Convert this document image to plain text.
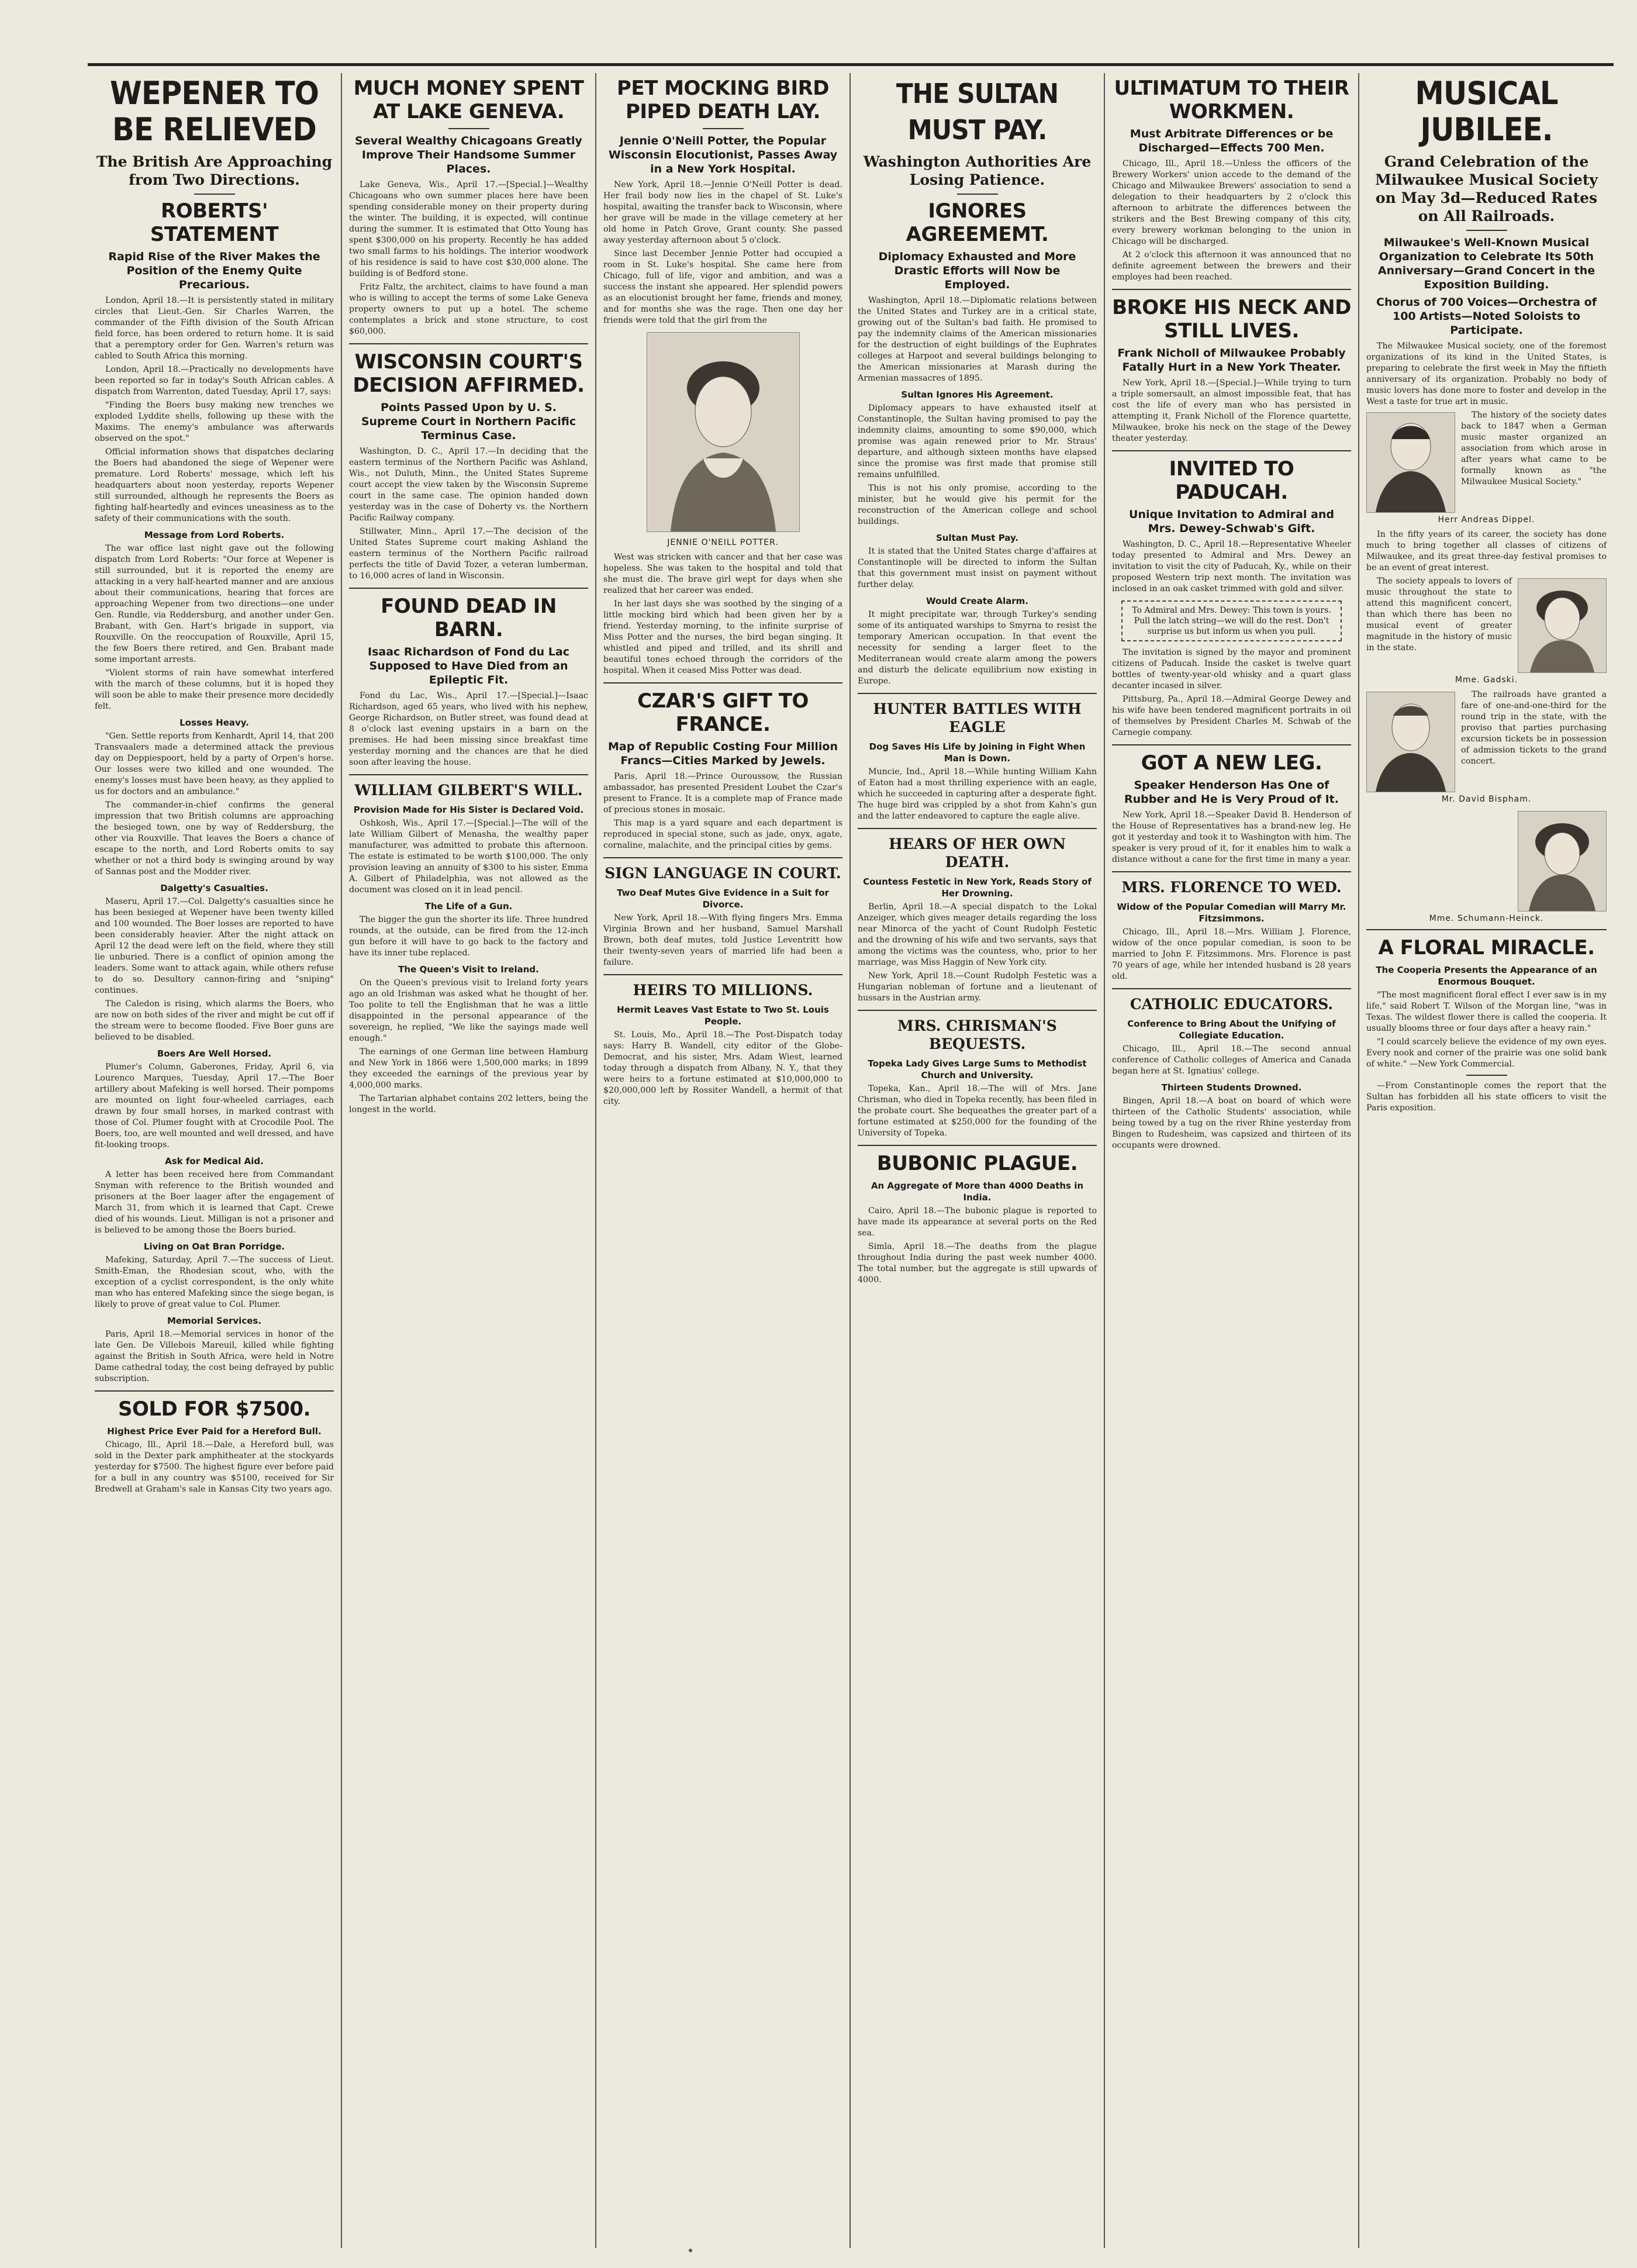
WEPENER TO BE RELIEVED
The British Are Approaching from Two Directions.
ROBERTS' STATEMENT
Rapid Rise of the River Makes the Position of the Enemy Quite Precarious.

London, April 18.—It is persistently stated in military circles that Lieut.-Gen. Sir Charles Warren, the commander of the Fifth division of the South African field force, has been ordered to return home. It is said that a peremptory order for Gen. Warren's return was cabled to South Africa this morning.

London, April 18.—Practically no developments have been reported so far in today's South African cables. A dispatch from Warrenton, dated Tuesday, April 17, says:

"Finding the Boers busy making new trenches we exploded Lyddite shells, following up these with the Maxims. The enemy's ambulance was afterwards observed on the spot."

Official information shows that dispatches declaring the Boers had abandoned the siege of Wepener were premature. Lord Roberts' message, which left his headquarters about noon yesterday, reports Wepener still surrounded, although he represents the Boers as fighting half-heartedly and evinces uneasiness as to the safety of their communications with the south.

Message from Lord Roberts.

The war office last night gave out the following dispatch from Lord Roberts: "Our force at Wepener is still surrounded, but it is reported the enemy are attacking in a very half-hearted manner and are anxious about their communications, hearing that forces are approaching Wepener from two directions—one under Gen. Rundle, via Reddersburg, and another under Gen. Brabant, with Gen. Hart's brigade in support, via Rouxville. On the reoccupation of Rouxville, April 15, the few Boers there retired, and Gen. Brabant made some important arrests.

"Violent storms of rain have somewhat interfered with the march of these columns, but it is hoped they will soon be able to make their presence more decidedly felt.

Losses Heavy.

"Gen. Settle reports from Kenhardt, April 14, that 200 Transvaalers made a determined attack the previous day on Deppiespoort, held by a party of Orpen's horse. Our losses were two killed and one wounded. The enemy's losses must have been heavy, as they applied to us for doctors and an ambulance."

The commander-in-chief confirms the general impression that two British columns are approaching the besieged town, one by way of Reddersburg, the other via Rouxville. That leaves the Boers a chance of escape to the north, and Lord Roberts omits to say whether or not a third body is swinging around by way of Sannas post and the Modder river.

Dalgetty's Casualties.

Maseru, April 17.—Col. Dalgetty's casualties since he has been besieged at Wepener have been twenty killed and 100 wounded. The Boer losses are reported to have been considerably heavier. After the night attack on April 12 the dead were left on the field, where they still lie unburied. There is a conflict of opinion among the leaders. Some want to attack again, while others refuse to do so. Desultory cannon-firing and "sniping" continues.

The Caledon is rising, which alarms the Boers, who are now on both sides of the river and might be cut off if the stream were to become flooded. Five Boer guns are believed to be disabled.

Boers Are Well Horsed.

Plumer's Column, Gaberones, Friday, April 6, via Lourenco Marques, Tuesday, April 17.—The Boer artillery about Mafeking is well horsed. Their pompoms are mounted on light four-wheeled carriages, each drawn by four small horses, in marked contrast with those of Col. Plumer fought with at Crocodile Pool. The Boers, too, are well mounted and well dressed, and have fit-looking troops.

Ask for Medical Aid.

A letter has been received here from Commandant Snyman with reference to the British wounded and prisoners at the Boer laager after the engagement of March 31, from which it is learned that Capt. Crewe died of his wounds. Lieut. Milligan is not a prisoner and is believed to be among those the Boers buried.

Living on Oat Bran Porridge.

Mafeking, Saturday, April 7.—The success of Lieut. Smith-Eman, the Rhodesian scout, who, with the exception of a cyclist correspondent, is the only white man who has entered Mafeking since the siege began, is likely to prove of great value to Col. Plumer.

Memorial Services.

Paris, April 18.—Memorial services in honor of the late Gen. De Villebois Mareuil, killed while fighting against the British in South Africa, were held in Notre Dame cathedral today, the cost being defrayed by public subscription.

SOLD FOR $7500.
Highest Price Ever Paid for a Hereford Bull.

Chicago, Ill., April 18.—Dale, a Hereford bull, was sold in the Dexter park amphitheater at the stockyards yesterday for $7500. The highest figure ever before paid for a bull in any country was $5100, received for Sir Bredwell at Graham's sale in Kansas City two years ago.

MUCH MONEY SPENT AT LAKE GENEVA.
Several Wealthy Chicagoans Greatly Improve Their Handsome Summer Places.

Lake Geneva, Wis., April 17.—[Special.]—Wealthy Chicagoans who own summer places here have been spending considerable money on their property during the winter. The building, it is expected, will continue during the summer. It is estimated that Otto Young has spent $300,000 on his property. Recently he has added two small farms to his holdings. The interior woodwork of his residence is said to have cost $30,000 alone. The building is of Bedford stone.

Fritz Faltz, the architect, claims to have found a man who is willing to accept the terms of some Lake Geneva property owners to put up a hotel. The scheme contemplates a brick and stone structure, to cost $60,000.

WISCONSIN COURT'S DECISION AFFIRMED.
Points Passed Upon by U. S. Supreme Court in Northern Pacific Terminus Case.

Washington, D. C., April 17.—In deciding that the eastern terminus of the Northern Pacific was Ashland, Wis., not Duluth, Minn., the United States Supreme court accept the view taken by the Wisconsin Supreme court in the same case. The opinion handed down yesterday was in the case of Doherty vs. the Northern Pacific Railway company.

Stillwater, Minn., April 17.—The decision of the United States Supreme court making Ashland the eastern terminus of the Northern Pacific railroad perfects the title of David Tozer, a veteran lumberman, to 16,000 acres of land in Wisconsin.

FOUND DEAD IN BARN.
Isaac Richardson of Fond du Lac Supposed to Have Died from an Epileptic Fit.

Fond du Lac, Wis., April 17.—[Special.]—Isaac Richardson, aged 65 years, who lived with his nephew, George Richardson, on Butler street, was found dead at 8 o'clock last evening upstairs in a barn on the premises. He had been missing since breakfast time yesterday morning and the chances are that he died soon after leaving the house.

WILLIAM GILBERT'S WILL.
Provision Made for His Sister is Declared Void.

Oshkosh, Wis., April 17.—[Special.]—The will of the late William Gilbert of Menasha, the wealthy paper manufacturer, was admitted to probate this afternoon. The estate is estimated to be worth $100,000. The only provision leaving an annuity of $300 to his sister, Emma A. Gilbert of Philadelphia, was not allowed as the document was closed on it in lead pencil.

The Life of a Gun.

The bigger the gun the shorter its life. Three hundred rounds, at the outside, can be fired from the 12-inch gun before it will have to go back to the factory and have its inner tube replaced.

The Queen's Visit to Ireland.

On the Queen's previous visit to Ireland forty years ago an old Irishman was asked what he thought of her. Too polite to tell the Englishman that he was a little disappointed in the personal appearance of the sovereign, he replied, "We like the sayings made well enough."

The earnings of one German line between Hamburg and New York in 1866 were 1,500,000 marks; in 1899 they exceeded the earnings of the previous year by 4,000,000 marks.

The Tartarian alphabet contains 202 letters, being the longest in the world.

PET MOCKING BIRD PIPED DEATH LAY.
Jennie O'Neill Potter, the Popular Wisconsin Elocutionist, Passes Away in a New York Hospital.

New York, April 18.—Jennie O'Neill Potter is dead. Her frail body now lies in the chapel of St. Luke's hospital, awaiting the transfer back to Wisconsin, where her grave will be made in the village cemetery at her old home in Patch Grove, Grant county. She passed away yesterday afternoon about 5 o'clock.

Since last December Jennie Potter had occupied a room in St. Luke's hospital. She came here from Chicago, full of life, vigor and ambition, and was a success the instant she appeared. Her splendid powers as an elocutionist brought her fame, friends and money, and for months she was the rage. Then one day her friends were told that the girl from the

JENNIE O'NEILL POTTER.

West was stricken with cancer and that her case was hopeless. She was taken to the hospital and told that she must die. The brave girl wept for days when she realized that her career was ended.

In her last days she was soothed by the singing of a little mocking bird which had been given her by a friend. Yesterday morning, to the infinite surprise of Miss Potter and the nurses, the bird began singing. It whistled and piped and trilled, and its shrill and beautiful tones echoed through the corridors of the hospital. When it ceased Miss Potter was dead.

CZAR'S GIFT TO FRANCE.
Map of Republic Costing Four Million Francs—Cities Marked by Jewels.

Paris, April 18.—Prince Ouroussow, the Russian ambassador, has presented President Loubet the Czar's present to France. It is a complete map of France made of precious stones in mosaic.

This map is a yard square and each department is reproduced in special stone, such as jade, onyx, agate, cornaline, malachite, and the principal cities by gems.

SIGN LANGUAGE IN COURT.
Two Deaf Mutes Give Evidence in a Suit for Divorce.

New York, April 18.—With flying fingers Mrs. Emma Virginia Brown and her husband, Samuel Marshall Brown, both deaf mutes, told Justice Leventritt how their twenty-seven years of married life had been a failure.

HEIRS TO MILLIONS.
Hermit Leaves Vast Estate to Two St. Louis People.

St. Louis, Mo., April 18.—The Post-Dispatch today says: Harry B. Wandell, city editor of the Globe-Democrat, and his sister, Mrs. Adam Wiest, learned today through a dispatch from Albany, N. Y., that they were heirs to a fortune estimated at $10,000,000 to $20,000,000 left by Rossiter Wandell, a hermit of that city.

THE SULTAN MUST PAY.
Washington Authorities Are Losing Patience.
IGNORES AGREEMEMT.
Diplomacy Exhausted and More Drastic Efforts will Now be Employed.

Washington, April 18.—Diplomatic relations between the United States and Turkey are in a critical state, growing out of the Sultan's bad faith. He promised to pay the indemnity claims of the American missionaries for the destruction of eight buildings of the Euphrates colleges at Harpoot and several buildings belonging to the American missionaries at Marash during the Armenian massacres of 1895.

Sultan Ignores His Agreement.

Diplomacy appears to have exhausted itself at Constantinople, the Sultan having promised to pay the indemnity claims, amounting to some $90,000, which promise was again renewed prior to Mr. Straus' departure, and although sixteen months have elapsed since the promise was first made that promise still remains unfulfilled.

This is not his only promise, according to the minister, but he would give his permit for the reconstruction of the American college and school buildings.

Sultan Must Pay.

It is stated that the United States charge d'affaires at Constantinople will be directed to inform the Sultan that this government must insist on payment without further delay.

Would Create Alarm.

It might precipitate war, through Turkey's sending some of its antiquated warships to Smyrna to resist the temporary American occupation. In that event the necessity for sending a larger fleet to the Mediterranean would create alarm among the powers and disturb the delicate equilibrium now existing in Europe.

HUNTER BATTLES WITH EAGLE
Dog Saves His Life by Joining in Fight When Man is Down.

Muncie, Ind., April 18.—While hunting William Kahn of Eaton had a most thrilling experience with an eagle, which he succeeded in capturing after a desperate fight. The huge bird was crippled by a shot from Kahn's gun and the latter endeavored to capture the eagle alive.

HEARS OF HER OWN DEATH.
Countess Festetic in New York, Reads Story of Her Drowning.

Berlin, April 18.—A special dispatch to the Lokal Anzeiger, which gives meager details regarding the loss near Minorca of the yacht of Count Rudolph Festetic and the drowning of his wife and two servants, says that among the victims was the countess, who, prior to her marriage, was Miss Haggin of New York city.

New York, April 18.—Count Rudolph Festetic was a Hungarian nobleman of fortune and a lieutenant of hussars in the Austrian army.

MRS. CHRISMAN'S BEQUESTS.
Topeka Lady Gives Large Sums to Methodist Church and University.

Topeka, Kan., April 18.—The will of Mrs. Jane Chrisman, who died in Topeka recently, has been filed in the probate court. She bequeathes the greater part of a fortune estimated at $250,000 for the founding of the University of Topeka.

BUBONIC PLAGUE.
An Aggregate of More than 4000 Deaths in India.

Cairo, April 18.—The bubonic plague is reported to have made its appearance at several ports on the Red sea.

Simla, April 18.—The deaths from the plague throughout India during the past week number 4000. The total number, but the aggregate is still upwards of 4000.

ULTIMATUM TO THEIR WORKMEN.
Must Arbitrate Differences or be Discharged—Effects 700 Men.

Chicago, Ill., April 18.—Unless the officers of the Brewery Workers' union accede to the demand of the Chicago and Milwaukee Brewers' association to send a delegation to their headquarters by 2 o'clock this afternoon to arbitrate the differences between the strikers and the Best Brewing company of this city, every brewery workman belonging to the union in Chicago will be discharged.

At 2 o'clock this afternoon it was announced that no definite agreement between the brewers and their employes had been reached.

BROKE HIS NECK AND STILL LIVES.
Frank Nicholl of Milwaukee Probably Fatally Hurt in a New York Theater.

New York, April 18.—[Special.]—While trying to turn a triple somersault, an almost impossible feat, that has cost the life of every man who has persisted in attempting it, Frank Nicholl of the Florence quartette, Milwaukee, broke his neck on the stage of the Dewey theater yesterday.

INVITED TO PADUCAH.
Unique Invitation to Admiral and Mrs. Dewey-Schwab's Gift.

Washington, D. C., April 18.—Representative Wheeler today presented to Admiral and Mrs. Dewey an invitation to visit the city of Paducah, Ky., while on their proposed Western trip next month. The invitation was inclosed in an oak casket trimmed with gold and silver.

To Admiral and Mrs. Dewey: This town is yours. Pull the latch string—we will do the rest. Don't surprise us but inform us when you pull.

The invitation is signed by the mayor and prominent citizens of Paducah. Inside the casket is twelve quart bottles of twenty-year-old whisky and a quart glass decanter incased in silver.

Pittsburg, Pa., April 18.—Admiral George Dewey and his wife have been tendered magnificent portraits in oil of themselves by President Charles M. Schwab of the Carnegie company.

GOT A NEW LEG.
Speaker Henderson Has One of Rubber and He is Very Proud of It.

New York, April 18.—Speaker David B. Henderson of the House of Representatives has a brand-new leg. He got it yesterday and took it to Washington with him. The speaker is very proud of it, for it enables him to walk a distance without a cane for the first time in many a year.

MRS. FLORENCE TO WED.
Widow of the Popular Comedian will Marry Mr. Fitzsimmons.

Chicago, Ill., April 18.—Mrs. William J. Florence, widow of the once popular comedian, is soon to be married to John F. Fitzsimmons. Mrs. Florence is past 70 years of age, while her intended husband is 28 years old.

CATHOLIC EDUCATORS.
Conference to Bring About the Unifying of Collegiate Education.

Chicago, Ill., April 18.—The second annual conference of Catholic colleges of America and Canada began here at St. Ignatius' college.

Thirteen Students Drowned.

Bingen, April 18.—A boat on board of which were thirteen of the Catholic Students' association, while being towed by a tug on the river Rhine yesterday from Bingen to Rudesheim, was capsized and thirteen of its occupants were drowned.

MUSICAL JUBILEE.
Grand Celebration of the Milwaukee Musical Society on May 3d—Reduced Rates on All Railroads.
Milwaukee's Well-Known Musical Organization to Celebrate Its 50th Anniversary—Grand Concert in the Exposition Building.
Chorus of 700 Voices—Orchestra of 100 Artists—Noted Soloists to Participate.

The Milwaukee Musical society, one of the foremost organizations of its kind in the United States, is preparing to celebrate the first week in May the fiftieth anniversary of its organization. Probably no body of music lovers has done more to foster and develop in the West a taste for true art in music.

The history of the society dates back to 1847 when a German music master organized an association from which arose in after years what came to be formally known as "the Milwaukee Musical Society."

Herr Andreas Dippel.

In the fifty years of its career, the society has done much to bring together all classes of citizens of Milwaukee, and its great three-day festival promises to be an event of great interest.

The society appeals to lovers of music throughout the state to attend this magnificent concert, than which there has been no musical event of greater magnitude in the history of music in the state.

Mme. Gadski.

The railroads have granted a fare of one-and-one-third for the round trip in the state, with the proviso that parties purchasing excursion tickets be in possession of admission tickets to the grand concert.

Mr. David Bispham.
Mme. Schumann-Heinck.
A FLORAL MIRACLE.
The Cooperia Presents the Appearance of an Enormous Bouquet.

"The most magnificent floral effect I ever saw is in my life," said Robert T. Wilson of the Morgan line, "was in Texas. The wildest flower there is called the cooperia. It usually blooms three or four days after a heavy rain."

"I could scarcely believe the evidence of my own eyes. Every nook and corner of the prairie was one solid bank of white." —New York Commercial.

—From Constantinople comes the report that the Sultan has forbidden all his state officers to visit the Paris exposition.
